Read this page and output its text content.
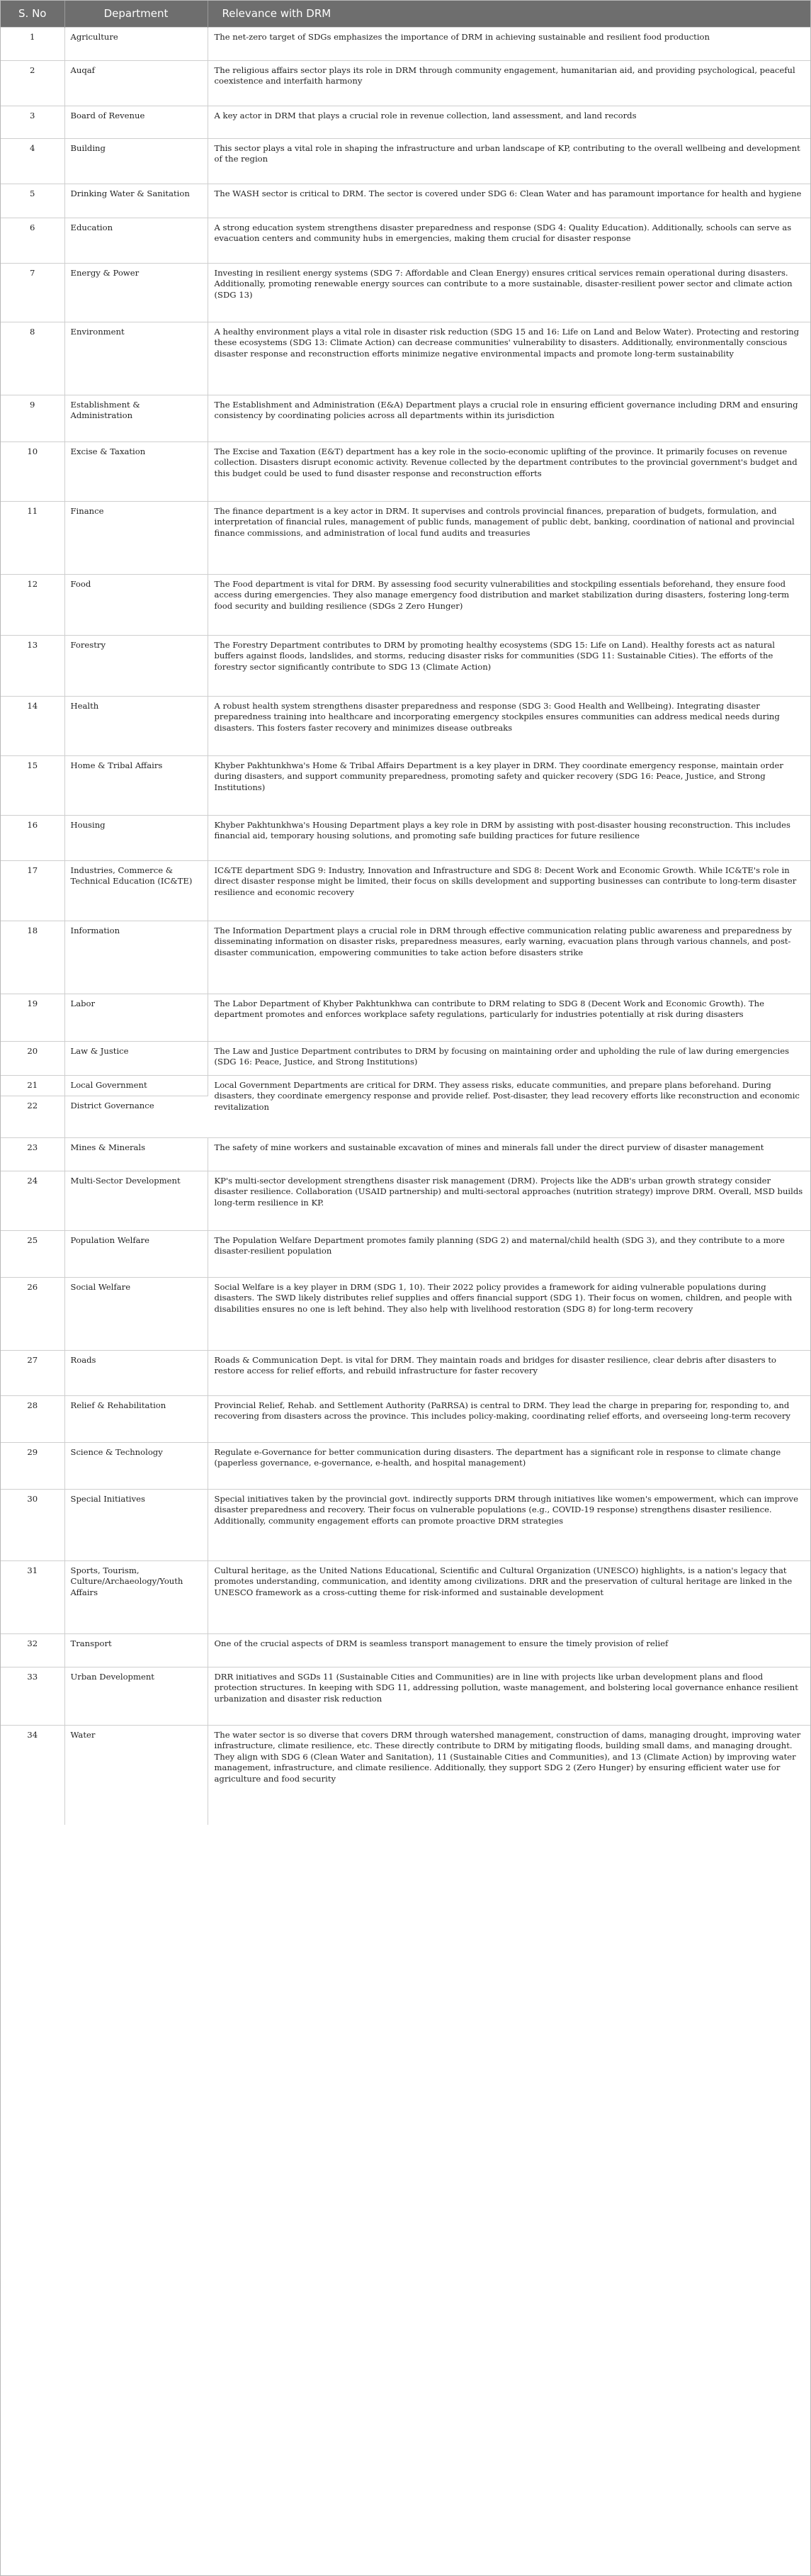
S. No	Department	Relevance with DRM
1	Agriculture	The net-zero target of SDGs emphasizes the importance of DRM in achieving sustainable and resilient food production

2	Auqaf	The religious affairs sector plays its role in DRM through community engagement, humanitarian aid, and providing psychological, peaceful coexistence and interfaith harmony

3	Board of Revenue	A key actor in DRM that plays a crucial role in revenue collection, land assessment, and land records

4	Building	This sector plays a vital role in shaping the infrastructure and urban landscape of KP, contributing to the overall wellbeing and development of the region

5	Drinking Water & Sanitation	The WASH sector is critical to DRM. The sector is covered under SDG 6: Clean Water and has paramount importance for health and hygiene

6	Education	A strong education system strengthens disaster preparedness and response (SDG 4: Quality Education). Additionally, schools can serve as evacuation centers and community hubs in emergencies, making them crucial for disaster response

7	Energy & Power	Investing in resilient energy systems (SDG 7: Affordable and Clean Energy) ensures critical services remain operational during disasters. Additionally, promoting renewable energy sources can contribute to a more sustainable, disaster-resilient power sector and climate action (SDG 13)

8	Environment	A healthy environment plays a vital role in disaster risk reduction (SDG 15 and 16: Life on Land and Below Water). Protecting and restoring these ecosystems (SDG 13: Climate Action) can decrease communities' vulnerability to disasters. Additionally, environmentally conscious disaster response and reconstruction efforts minimize negative environmental impacts and promote long-term sustainability

9	Establishment & Administration	The Establishment and Administration (E&A) Department plays a crucial role in ensuring efficient governance including DRM and ensuring consistency by coordinating policies across all departments within its jurisdiction

10	Excise & Taxation	The Excise and Taxation (E&T) department has a key role in the socio-economic uplifting of the province. It primarily focuses on revenue collection. Disasters disrupt economic activity. Revenue collected by the department contributes to the provincial government's budget and this budget could be used to fund disaster response and reconstruction efforts

11	Finance	The finance department is a key actor in DRM. It supervises and controls provincial finances, preparation of budgets, formulation, and interpretation of financial rules, management of public funds, management of public debt, banking, coordination of national and provincial finance commissions, and administration of local fund audits and treasuries

12	Food	The Food department is vital for DRM. By assessing food security vulnerabilities and stockpiling essentials beforehand, they ensure food access during emergencies. They also manage emergency food distribution and market stabilization during disasters, fostering long-term food security and building resilience (SDGs 2 Zero Hunger)

13	Forestry	The Forestry Department contributes to DRM by promoting healthy ecosystems (SDG 15: Life on Land). Healthy forests act as natural buffers against floods, landslides, and storms, reducing disaster risks for communities (SDG 11: Sustainable Cities). The efforts of the forestry sector significantly contribute to SDG 13 (Climate Action)

14	Health	A robust health system strengthens disaster preparedness and response (SDG 3: Good Health and Wellbeing). Integrating disaster preparedness training into healthcare and incorporating emergency stockpiles ensures communities can address medical needs during disasters. This fosters faster recovery and minimizes disease outbreaks

15	Home & Tribal Affairs	Khyber Pakhtunkhwa's Home & Tribal Affairs Department is a key player in DRM. They coordinate emergency response, maintain order during disasters, and support community preparedness, promoting safety and quicker recovery (SDG 16: Peace, Justice, and Strong Institutions)

16	Housing	Khyber Pakhtunkhwa's Housing Department plays a key role in DRM by assisting with post-disaster housing reconstruction. This includes financial aid, temporary housing solutions, and promoting safe building practices for future resilience

17	Industries, Commerce & Technical Education (IC&TE)	IC&TE department SDG 9: Industry, Innovation and Infrastructure and SDG 8: Decent Work and Economic Growth. While IC&TE's role in direct disaster response might be limited, their focus on skills development and supporting businesses can contribute to long-term disaster resilience and economic recovery

18	Information	The Information Department plays a crucial role in DRM through effective communication relating public awareness and preparedness by disseminating information on disaster risks, preparedness measures, early warning, evacuation plans through various channels, and post-disaster communication, empowering communities to take action before disasters strike

19	Labor	The Labor Department of Khyber Pakhtunkhwa can contribute to DRM relating to SDG 8 (Decent Work and Economic Growth). The department promotes and enforces workplace safety regulations, particularly for industries potentially at risk during disasters

20	Law & Justice	The Law and Justice Department contributes to DRM by focusing on maintaining order and upholding the rule of law during emergencies (SDG 16: Peace, Justice, and Strong Institutions)

21	Local Government	Local Government Departments are critical for DRM. They assess risks, educate communities, and prepare plans beforehand. During disasters, they coordinate emergency response and provide relief. Post-disaster, they lead recovery efforts like reconstruction and economic revitalization

22	District Governance	
23	Mines & Minerals	The safety of mine workers and sustainable excavation of mines and minerals fall under the direct purview of disaster management

24	Multi-Sector Development	KP's multi-sector development strengthens disaster risk management (DRM). Projects like the ADB's urban growth strategy consider disaster resilience. Collaboration (USAID partnership) and multi-sectoral approaches (nutrition strategy) improve DRM. Overall, MSD builds long-term resilience in KP.

25	Population Welfare	The Population Welfare Department promotes family planning (SDG 2) and maternal/child health (SDG 3), and they contribute to a more disaster-resilient population

26	Social Welfare	Social Welfare is a key player in DRM (SDG 1, 10). Their 2022 policy provides a framework for aiding vulnerable populations during disasters. The SWD likely distributes relief supplies and offers financial support (SDG 1). Their focus on women, children, and people with disabilities ensures no one is left behind. They also help with livelihood restoration (SDG 8) for long-term recovery

27	Roads	Roads & Communication Dept. is vital for DRM. They maintain roads and bridges for disaster resilience, clear debris after disasters to restore access for relief efforts, and rebuild infrastructure for faster recovery

28	Relief & Rehabilitation	Provincial Relief, Rehab. and Settlement Authority (PaRRSA) is central to DRM. They lead the charge in preparing for, responding to, and recovering from disasters across the province. This includes policy-making, coordinating relief efforts, and overseeing long-term recovery

29	Science & Technology	Regulate e-Governance for better communication during disasters. The department has a significant role in response to climate change (paperless governance, e-governance, e-health, and hospital management)

30	Special Initiatives	Special initiatives taken by the provincial govt. indirectly supports DRM through initiatives like women's empowerment, which can improve disaster preparedness and recovery. Their focus on vulnerable populations (e.g., COVID-19 response) strengthens disaster resilience. Additionally, community engagement efforts can promote proactive DRM strategies

31	Sports, Tourism, Culture/Archaeology/Youth Affairs	Cultural heritage, as the United Nations Educational, Scientific and Cultural Organization (UNESCO) highlights, is a nation's legacy that promotes understanding, communication, and identity among civilizations. DRR and the preservation of cultural heritage are linked in the UNESCO framework as a cross-cutting theme for risk-informed and sustainable development

32	Transport	One of the crucial aspects of DRM is seamless transport management to ensure the timely provision of relief

33	Urban Development	DRR initiatives and SGDs 11 (Sustainable Cities and Communities) are in line with projects like urban development plans and flood protection structures. In keeping with SDG 11, addressing pollution, waste management, and bolstering local governance enhance resilient urbanization and disaster risk reduction

34	Water	The water sector is so diverse that covers DRM through watershed management, construction of dams, managing drought, improving water infrastructure, climate resilience, etc. These directly contribute to DRM by mitigating floods, building small dams, and managing drought. They align with SDG 6 (Clean Water and Sanitation), 11 (Sustainable Cities and Communities), and 13 (Climate Action) by improving water management, infrastructure, and climate resilience. Additionally, they support SDG 2 (Zero Hunger) by ensuring efficient water use for agriculture and food security
